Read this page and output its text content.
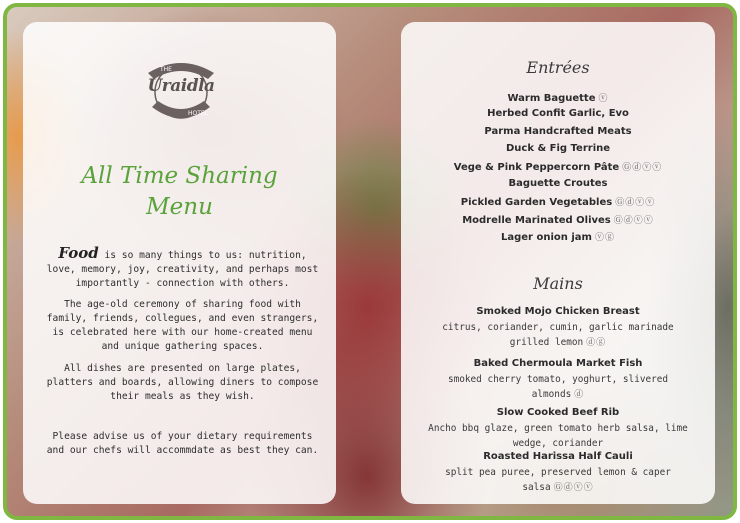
THE
HOTEL
Uraidla
All Time Sharing
Menu
Food is so many things to us: nutrition, love, memory, joy, creativity, and perhaps most importantly - connection with others.
The age-old ceremony of sharing food with family, friends, collegues, and even strangers, is celebrated here with our home-created menu and unique gathering spaces.
All dishes are presented on large plates, platters and boards, allowing diners to compose their meals as they wish.
Please advise us of your dietary requirements and our chefs will accommdate as best they can.
Entrées
Warm Baguette ⓥ
Herbed Confit Garlic, Evo
Parma Handcrafted Meats
Duck & Fig Terrine
Vege & Pink Peppercorn Pâte Ⓖⓓⓥⓥ
Baguette Croutes
Pickled Garden Vegetables Ⓖⓓⓥⓥ
Modrelle Marinated Olives Ⓖⓓⓥⓥ
Lager onion jam ⓥⓖ
Mains
Smoked Mojo Chicken Breast
citrus, coriander, cumin, garlic marinade grilled lemon ⓓⓖ
Baked Chermoula Market Fish
smoked cherry tomato, yoghurt, slivered almonds ⓓ
Slow Cooked Beef Rib
Ancho bbq glaze, green tomato herb salsa, lime wedge, coriander
Roasted Harissa Half Cauli
split pea puree, preserved lemon & caper salsa Ⓖⓓⓥⓥ
